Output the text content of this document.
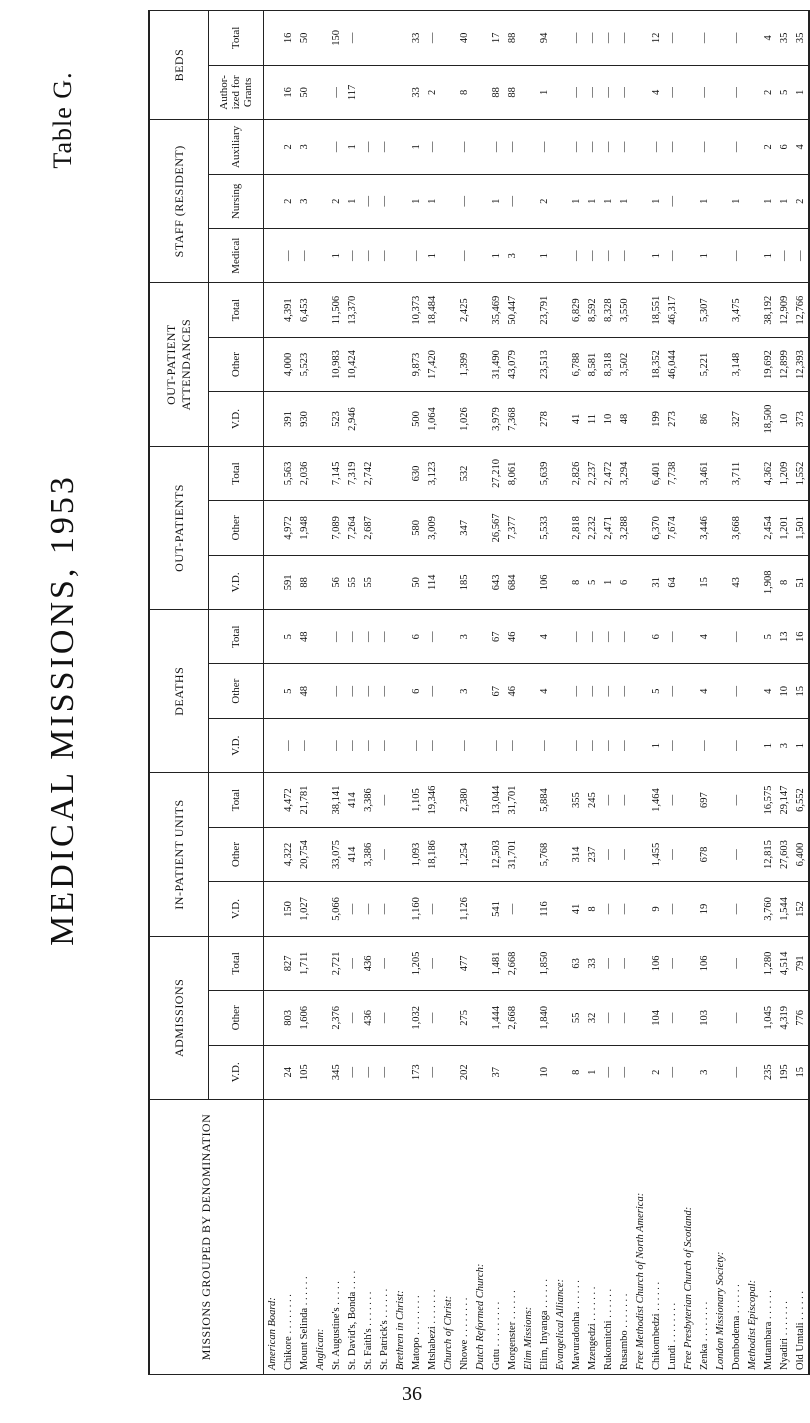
Table G.
MEDICAL MISSIONS, 1953
MISSIONS GROUPED BY DENOMINATION	ADMISSIONS			IN-PATIENT UNITS			DEATHS			OUT-PATIENTS			OUT-PATIENT ATTENDANCES			STAFF (RESIDENT)			BEDS	
	V.D.	Other	Total	V.D.	Other	Total	V.D.	Other	Total	V.D.	Other	Total	V.D.	Other	Total	Medical	Nursing	Auxiliary	Author-ized for Grants	Total
American Board:																				
Chikore . . . . . . . .	24	803	827	150	4,322	4,472	—	5	5	591	4,972	5,563	391	4,000	4,391	—	2	2	16	16
Mount Selinda . . . . . .	105	1,606	1,711	1,027	20,754	21,781	—	48	48	88	1,948	2,036	930	5,523	6,453	—	3	3	50	50
Anglican:																				
St. Augustine's . . . . .	345	2,376	2,721	5,066	33,075	38,141	—	—	—	56	7,089	7,145	523	10,983	11,506	1	2	—	—	150
St. David's, Bonda . . . .	—	—	—	—	414	414	—	—	—	55	7,264	7,319	2,946	10,424	13,370	—	1	1	117	—
St. Faith's . . . . . . .	—	436	436	—	3,386	3,386	—	—	—	55	2,687	2,742				—	—	—		
St. Patrick's . . . . . .	—	—	—	—	—	—	—	—	—							—	—	—		
Brethren in Christ:																				
Matopo . . . . . . . .	173	1,032	1,205	1,160	1,093	1,105	—	6	6	50	580	630	500	9,873	10,373	—	1	1	33	33
Mtshabezi . . . . . . .	—	—	—	—	18,186	19,346	—	—	—	114	3,009	3,123	1,064	17,420	18,484	1	1	—	2	—
Church of Christ:																				
Nhowe . . . . . . . .	202	275	477	1,126	1,254	2,380	—	3	3	185	347	532	1,026	1,399	2,425	—	—	—	8	40
Dutch Reformed Church:																				
Gutu . . . . . . . . .	37	1,444	1,481	541	12,503	13,044	—	67	67	643	26,567	27,210	3,979	31,490	35,469	1	1	—	88	17
Morgenster . . . . . .		2,668	2,668	—	31,701	31,701	—	46	46	684	7,377	8,061	7,368	43,079	50,447	3	—	—	88	88
Elim Missions:																				
Elim, Inyanga . . . . . .	10	1,840	1,850	116	5,768	5,884	—	4	4	106	5,533	5,639	278	23,513	23,791	1	2	—	1	94
Evangelical Alliance:																				
Mavuradonha . . . . . .	8	55	63	41	314	355	—	—	—	8	2,818	2,826	41	6,788	6,829	—	1	—	—	—
Mzengedzi . . . . . . .	1	32	33	8	237	245	—	—	—	5	2,232	2,237	11	8,581	8,592	—	1	—	—	—
Rukomitchi . . . . . .	—	—	—	—	—	—	—	—	—	1	2,471	2,472	10	8,318	8,328	—	1	—	—	—
Rusambo . . . . . . .	—	—	—	—	—	—	—	—	—	6	3,288	3,294	48	3,502	3,550	—	1	—	—	—
Free Methodist Church of North America:																				
Chikombedzi . . . . . .	2	104	106	9	1,455	1,464	1	5	6	31	6,370	6,401	199	18,352	18,551	1	1	—	4	12
Lundi . . . . . . . .	—	—	—	—	—	—	—	—	—	64	7,674	7,738	273	46,044	46,317	—	—	—	—	—
Free Presbyterian Church of Scotland:																				
Zenka . . . . . . . .	3	103	106	19	678	697	—	4	4	15	3,446	3,461	86	5,221	5,307	1	1	—	—	—
London Missionary Society:																				
Dombodema . . . . . .	—	—	—	—	—	—	—	—	—	43	3,668	3,711	327	3,148	3,475	—	1	—	—	—
Methodist Episcopal:																				
Mutambara . . . . . .	235	1,045	1,280	3,760	12,815	16,575	1	4	5	1,908	2,454	4,362	18,500	19,692	38,192	1	1	2	2	4
Nyadiri . . . . . . .	195	4,319	4,514	1,544	27,603	29,147	3	10	13	8	1,201	1,209	10	12,899	12,909	—	1	6	5	35
Old Umtali . . . . . .	15	776	791	152	6,400	6,552	1	15	16	51	1,501	1,552	373	12,393	12,766	—	2	4	1	35
36
